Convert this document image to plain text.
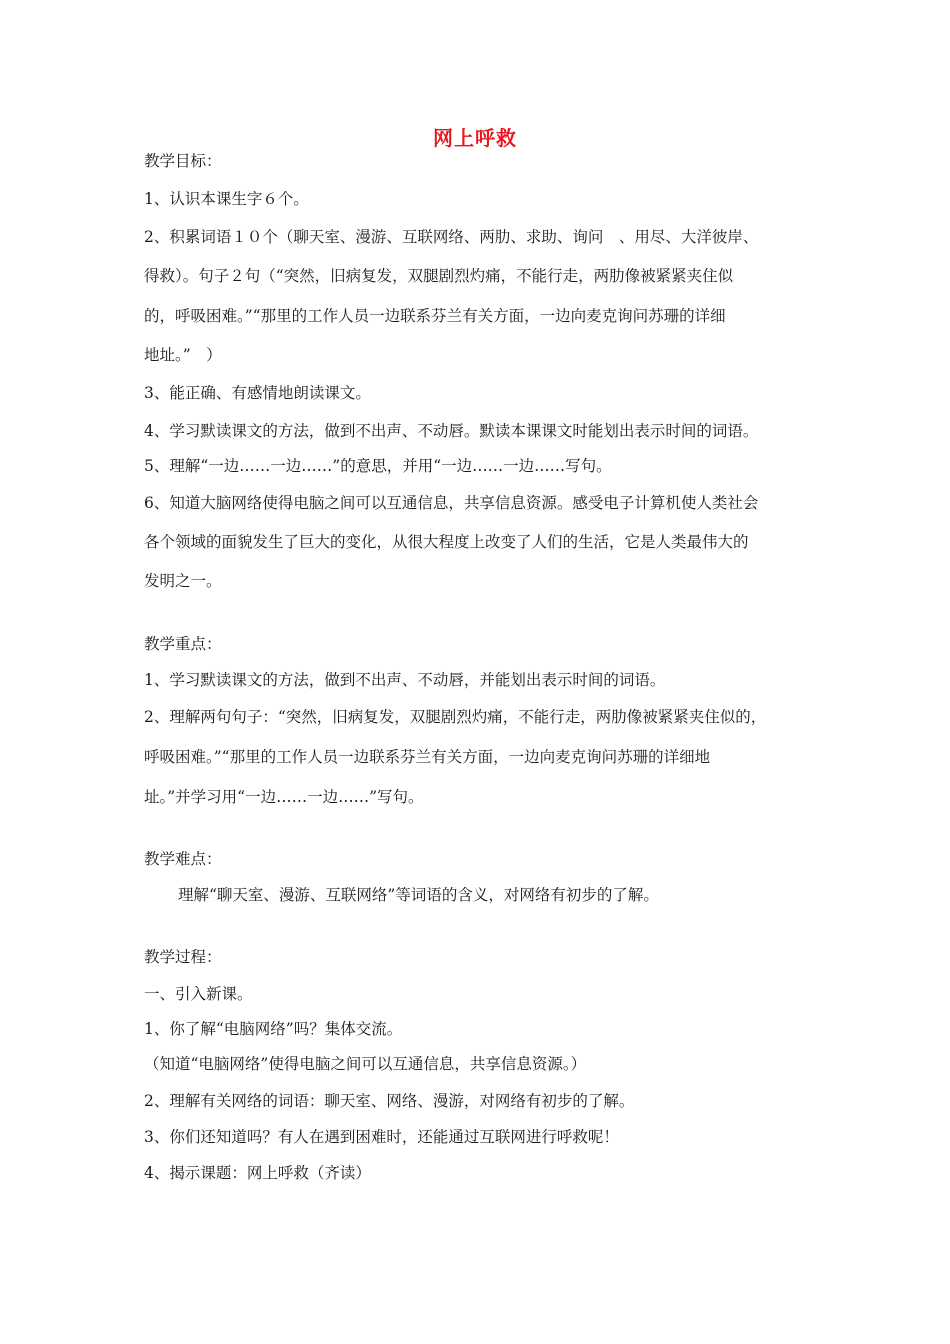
网上呼救
教学目标：
1、认识本课生字６个。
2、积累词语１０个（聊天室、漫游、互联网络、两肋、求助、询问　、用尽、大洋彼岸、
得救）。句子２句（“突然，旧病复发，双腿剧烈灼痛，不能行走，两肋像被紧紧夹住似
的，呼吸困难。”“那里的工作人员一边联系芬兰有关方面，一边向麦克询问苏珊的详细
地址。”　）
3、能正确、有感情地朗读课文。
4、学习默读课文的方法，做到不出声、不动唇。默读本课课文时能划出表示时间的词语。
5、理解“一边……一边……”的意思，并用“一边……一边……写句。
6、知道大脑网络使得电脑之间可以互通信息，共享信息资源。感受电子计算机使人类社会
各个领域的面貌发生了巨大的变化，从很大程度上改变了人们的生活，它是人类最伟大的
发明之一。
教学重点：
1、学习默读课文的方法，做到不出声、不动唇，并能划出表示时间的词语。
2、理解两句句子：“突然，旧病复发，双腿剧烈灼痛，不能行走，两肋像被紧紧夹住似的，
呼吸困难。”“那里的工作人员一边联系芬兰有关方面，一边向麦克询问苏珊的详细地
址。”并学习用“一边……一边……”写句。
教学难点：
理解“聊天室、漫游、互联网络”等词语的含义，对网络有初步的了解。
教学过程：
一、引入新课。
1、你了解“电脑网络”吗？集体交流。
（知道“电脑网络”使得电脑之间可以互通信息，共享信息资源。）
2、理解有关网络的词语：聊天室、网络、漫游，对网络有初步的了解。
3、你们还知道吗？有人在遇到困难时，还能通过互联网进行呼救呢！
4、揭示课题：网上呼救（齐读）
